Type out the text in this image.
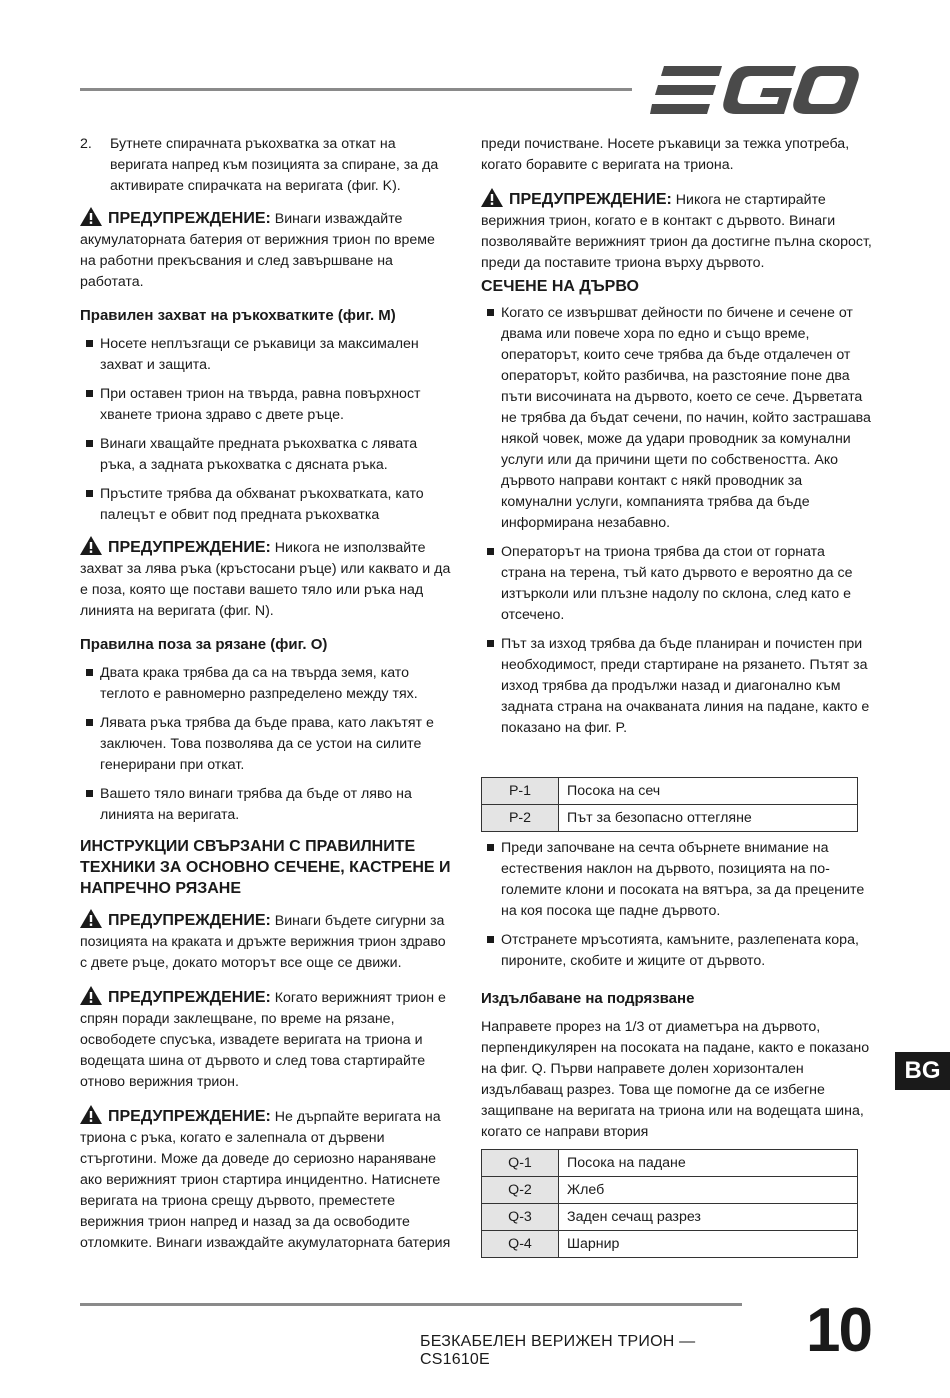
2.	Бутнете спирачната ръкохватка за откат на веригата напред към позицията за спиране, за да активирате спирачката на веригата (фиг. K).

ПРЕДУПРЕЖДЕНИЕ: Винаги изваждайте акумулаторната батерия от верижния трион по време на работни прекъсвания и след завършване на работата.

Правилен захват на ръкохватките (фиг. M)

Носете неплъзгащи се ръкавици за максимален захват и защита.
При оставен трион на твърда, равна повърхност хванете триона здраво с двете ръце.
Винаги хващайте предната ръкохватка с лявата ръка, а задната ръкохватка с дясната ръка.
Пръстите трябва да обхванат ръкохватката, като палецът е обвит под предната ръкохватка

ПРЕДУПРЕЖДЕНИЕ: Никога не използвайте захват за лява ръка (кръстосани ръце) или каквато и да е поза, която ще постави вашето тяло или ръка над линията на веригата (фиг. N).

Правилна поза за рязане (фиг. O)

Двата крака трябва да са на твърда земя, като теглото е равномерно разпределено между тях.
Лявата ръка трябва да бъде права, като лакътят е заключен. Това позволява да се устои на силите генерирани при откат.
Вашето тяло винаги трябва да бъде от ляво на линията на веригата.

ИНСТРУКЦИИ СВЪРЗАНИ С ПРАВИЛНИТЕ ТЕХНИКИ ЗА ОСНОВНО СЕЧЕНЕ, КАСТРЕНЕ И НАПРЕЧНО РЯЗАНЕ

ПРЕДУПРЕЖДЕНИЕ: Винаги бъдете сигурни за позицията на краката и дръжте верижния трион здраво с двете ръце, докато моторът все още се движи.

ПРЕДУПРЕЖДЕНИЕ: Когато верижният трион е спрян поради заклещване, по време на рязане, освободете спусъка, извадете веригата на триона и водещата шина от дървото и след това стартирайте отново верижния трион.

ПРЕДУПРЕЖДЕНИЕ: Не дърпайте веригата на триона с ръка, когато е залепнала от дървени стърготини. Може да доведе до сериозно нараняване ако верижният трион стартира инцидентно. Натиснете веригата на триона срещу дървото, преместете верижния трион напред и назад за да освободите отломките. Винаги изваждайте акумулаторната батерия

преди почистване. Носете ръкавици за тежка употреба, когато боравите с веригата на триона.

ПРЕДУПРЕЖДЕНИЕ: Никога не стартирайте верижния трион, когато е в контакт с дървото. Винаги позволявайте верижният трион да достигне пълна скорост, преди да поставите триона върху дървото.

СЕЧЕНЕ НА ДЪРВО

Когато се извършват дейности по бичене и сечене от двама или повече хора по едно и също време, операторът, които сече трябва да бъде отдалечен от операторът, който разбичва, на разстояние поне два пъти височината на дървото, което се сече. Дърветата не трябва да бъдат сечени, по начин, който застрашава някой човек, може да удари проводник за комунални услуги или да причини щети по собствеността. Ако дървото направи контакт с някй проводник за комунални услуги, компанията трябва да бъде информирана незабавно.
Операторът на триона трябва да стои от горната страна на терена, тъй като дървото е вероятно да се изтърколи или плъзне надолу по склона, след като е отсечено.
Път за изход трябва да бъде планиран и почистен при необходимост, преди стартиране на рязането. Пътят за изход трябва да продължи назад и диагонално към задната страна на очакваната линия на падане, както е показано на фиг. P.
P-1	Посока на сеч
P-2	Път за безопасно оттегляне
Преди започване на сечта обърнете внимание на естествения наклон на дървото, позицията на по-големите клони и посоката на вятъра, за да прецените на коя посока ще падне дървото.
Отстранете мръсотията, камъните, разлепената кора, пироните, скобите и жиците от дървото.

Издълбаване на подрязване

Направете прорез на 1/3 от диаметъра на дървото, перпендикулярен на посоката на падане, както е показано на фиг. Q. Първи направете долен хоризонтален издълбаващ разрез. Това ще помогне да се избегне защипване на веригата на триона или на водещата шина, когато се направи втория

Q-1	Посока на падане
Q-2	Жлеб
Q-3	Заден сечащ разрез
Q-4	Шарнир
BG
БЕЗКАБЕЛЕН ВЕРИЖЕН ТРИОН — CS1610E	10
